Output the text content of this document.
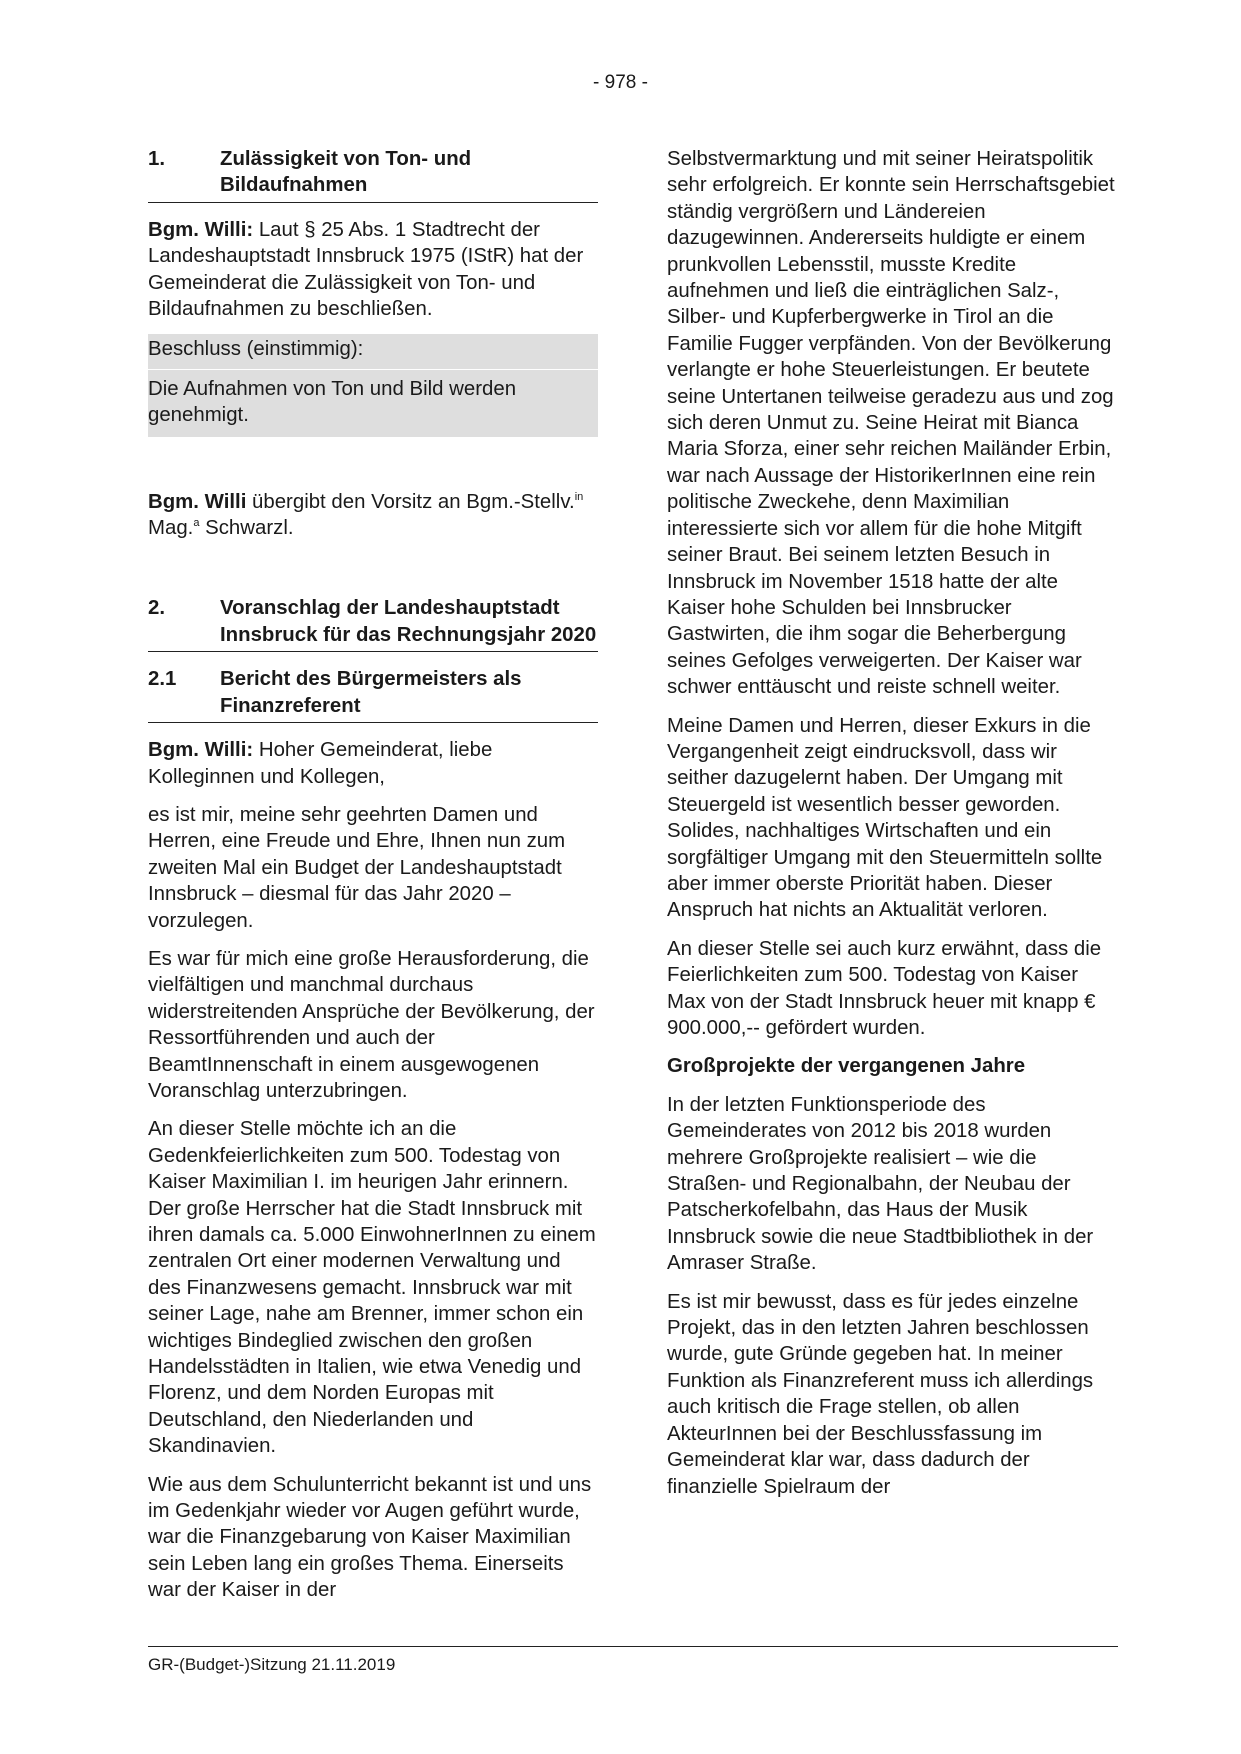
- 978 -
1.	Zulässigkeit von Ton- und Bildaufnahmen

Bgm. Willi: Laut § 25 Abs. 1 Stadtrecht der Landeshauptstadt Innsbruck 1975 (IStR) hat der Gemeinderat die Zulässigkeit von Ton- und Bildaufnahmen zu beschließen.

Beschluss (einstimmig):

Die Aufnahmen von Ton und Bild werden genehmigt.

Bgm. Willi übergibt den Vorsitz an Bgm.-Stellv.$^{in}$ Mag.$^a$ Schwarzl.

2.	Voranschlag der Landeshauptstadt Innsbruck für das Rechnungsjahr 2020
2.1	Bericht des Bürgermeisters als Finanzreferent

Bgm. Willi: Hoher Gemeinderat, liebe Kolleginnen und Kollegen,

es ist mir, meine sehr geehrten Damen und Herren, eine Freude und Ehre, Ihnen nun zum zweiten Mal ein Budget der Landeshauptstadt Innsbruck – diesmal für das Jahr 2020 – vorzulegen.

Es war für mich eine große Herausforderung, die vielfältigen und manchmal durchaus widerstreitenden Ansprüche der Bevölkerung, der Ressortführenden und auch der BeamtInnenschaft in einem ausgewogenen Voranschlag unterzubringen.

An dieser Stelle möchte ich an die Gedenkfeierlichkeiten zum 500. Todestag von Kaiser Maximilian I. im heurigen Jahr erinnern. Der große Herrscher hat die Stadt Innsbruck mit ihren damals ca. 5.000 EinwohnerInnen zu einem zentralen Ort einer modernen Verwaltung und des Finanzwesens gemacht. Innsbruck war mit seiner Lage, nahe am Brenner, immer schon ein wichtiges Bindeglied zwischen den großen Handelsstädten in Italien, wie etwa Venedig und Florenz, und dem Norden Europas mit Deutschland, den Niederlanden und Skandinavien.

Wie aus dem Schulunterricht bekannt ist und uns im Gedenkjahr wieder vor Augen geführt wurde, war die Finanzgebarung von Kaiser Maximilian sein Leben lang ein großes Thema. Einerseits war der Kaiser in der

Selbstvermarktung und mit seiner Heiratspolitik sehr erfolgreich. Er konnte sein Herrschaftsgebiet ständig vergrößern und Ländereien dazugewinnen. Andererseits huldigte er einem prunkvollen Lebensstil, musste Kredite aufnehmen und ließ die einträglichen Salz-, Silber- und Kupferbergwerke in Tirol an die Familie Fugger verpfänden. Von der Bevölkerung verlangte er hohe Steuerleistungen. Er beutete seine Untertanen teilweise geradezu aus und zog sich deren Unmut zu. Seine Heirat mit Bianca Maria Sforza, einer sehr reichen Mailänder Erbin, war nach Aussage der HistorikerInnen eine rein politische Zweckehe, denn Maximilian interessierte sich vor allem für die hohe Mitgift seiner Braut. Bei seinem letzten Besuch in Innsbruck im November 1518 hatte der alte Kaiser hohe Schulden bei Innsbrucker Gastwirten, die ihm sogar die Beherbergung seines Gefolges verweigerten. Der Kaiser war schwer enttäuscht und reiste schnell weiter.

Meine Damen und Herren, dieser Exkurs in die Vergangenheit zeigt eindrucksvoll, dass wir seither dazugelernt haben. Der Umgang mit Steuergeld ist wesentlich besser geworden. Solides, nachhaltiges Wirtschaften und ein sorgfältiger Umgang mit den Steuermitteln sollte aber immer oberste Priorität haben. Dieser Anspruch hat nichts an Aktualität verloren.

An dieser Stelle sei auch kurz erwähnt, dass die Feierlichkeiten zum 500. Todestag von Kaiser Max von der Stadt Innsbruck heuer mit knapp € 900.000,-- gefördert wurden.

Großprojekte der vergangenen Jahre

In der letzten Funktionsperiode des Gemeinderates von 2012 bis 2018 wurden mehrere Großprojekte realisiert – wie die Straßen- und Regionalbahn, der Neubau der Patscherkofelbahn, das Haus der Musik Innsbruck sowie die neue Stadtbibliothek in der Amraser Straße.

Es ist mir bewusst, dass es für jedes einzelne Projekt, das in den letzten Jahren beschlossen wurde, gute Gründe gegeben hat. In meiner Funktion als Finanzreferent muss ich allerdings auch kritisch die Frage stellen, ob allen AkteurInnen bei der Beschlussfassung im Gemeinderat klar war, dass dadurch der finanzielle Spielraum der

GR-(Budget-)Sitzung 21.11.2019
